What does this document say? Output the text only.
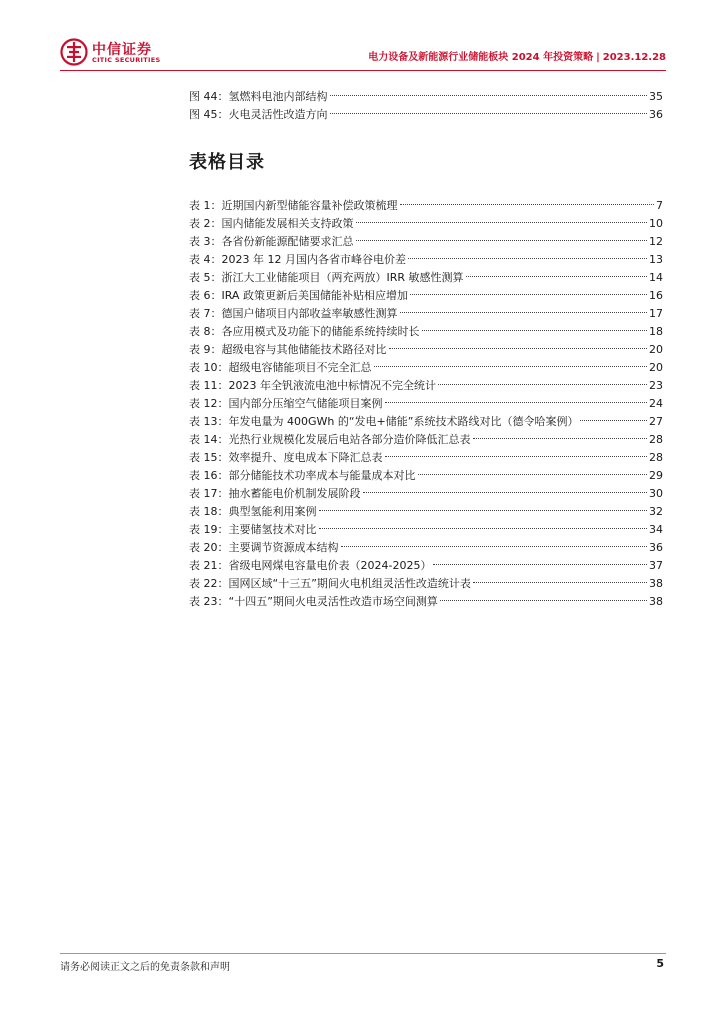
中信证券
CITIC SECURITIES	电力设备及新能源行业储能板块 2024 年投资策略 | 2023.12.28
图 44：氢燃料电池内部结构	35
图 45：火电灵活性改造方向	36
表格目录
表 1：近期国内新型储能容量补偿政策梳理	7
表 2：国内储能发展相关支持政策	10
表 3：各省份新能源配储要求汇总	12
表 4：2023 年 12 月国内各省市峰谷电价差	13
表 5：浙江大工业储能项目（两充两放）IRR 敏感性测算	14
表 6：IRA 政策更新后美国储能补贴相应增加	16
表 7：德国户储项目内部收益率敏感性测算	17
表 8：各应用模式及功能下的储能系统持续时长	18
表 9：超级电容与其他储能技术路径对比	20
表 10：超级电容储能项目不完全汇总	20
表 11：2023 年全钒液流电池中标情况不完全统计	23
表 12：国内部分压缩空气储能项目案例	24
表 13：年发电量为 400GWh 的“发电+储能”系统技术路线对比（德令哈案例）	27
表 14：光热行业规模化发展后电站各部分造价降低汇总表	28
表 15：效率提升、度电成本下降汇总表	28
表 16：部分储能技术功率成本与能量成本对比	29
表 17：抽水蓄能电价机制发展阶段	30
表 18：典型氢能利用案例	32
表 19：主要储氢技术对比	34
表 20：主要调节资源成本结构	36
表 21：省级电网煤电容量电价表（2024-2025）	37
表 22：国网区域“十三五”期间火电机组灵活性改造统计表	38
表 23：“十四五”期间火电灵活性改造市场空间测算	38
请务必阅读正文之后的免责条款和声明	5
